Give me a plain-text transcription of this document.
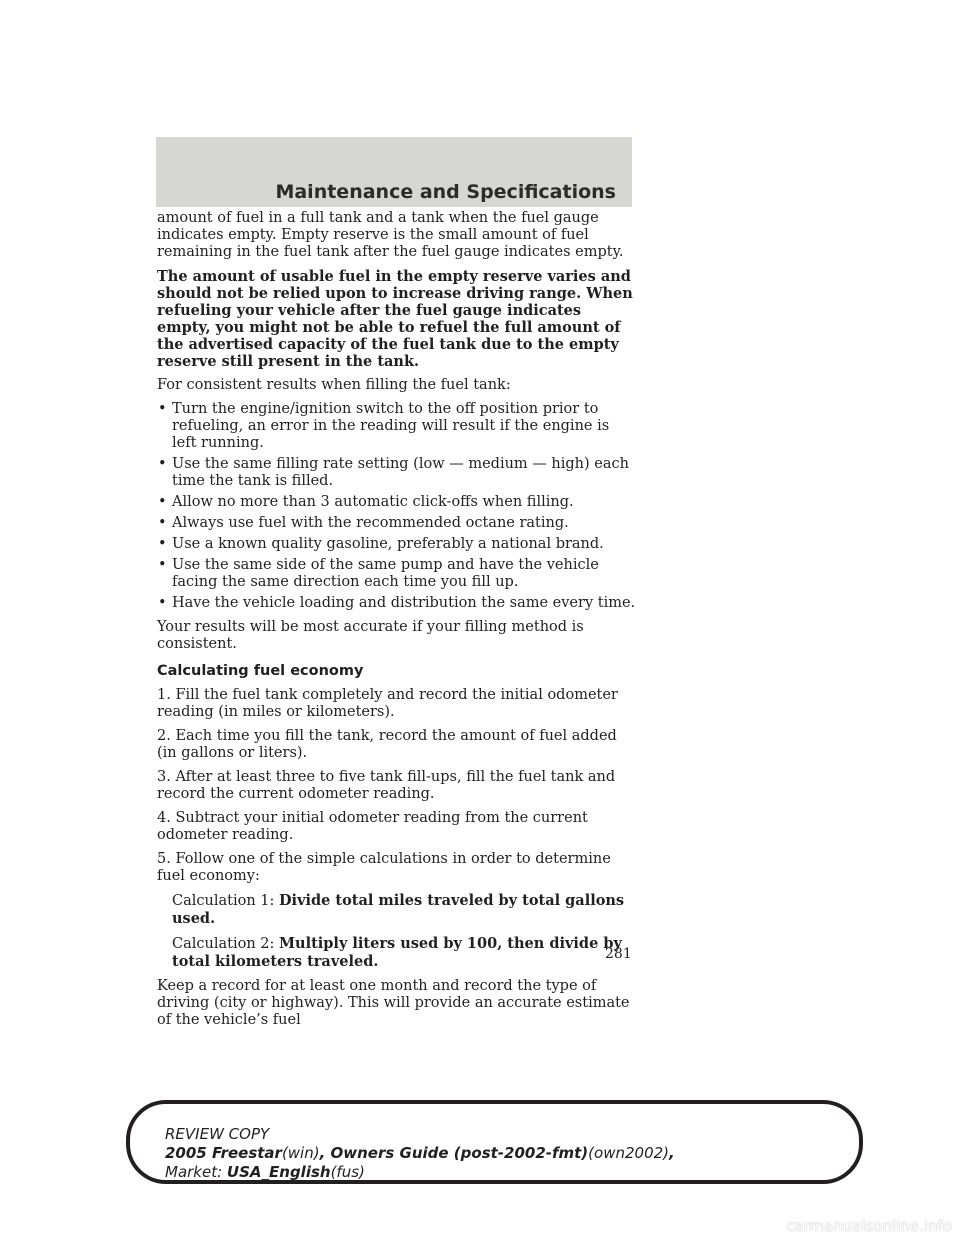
Maintenance and Specifications

amount of fuel in a full tank and a tank when the fuel gauge indicates empty. Empty reserve is the small amount of fuel remaining in the fuel tank after the fuel gauge indicates empty.

The amount of usable fuel in the empty reserve varies and should not be relied upon to increase driving range. When refueling your vehicle after the fuel gauge indicates empty, you might not be able to refuel the full amount of the advertised capacity of the fuel tank due to the empty reserve still present in the tank.

For consistent results when filling the fuel tank:

• Turn the engine/ignition switch to the off position prior to refueling, an error in the reading will result if the engine is left running.
• Use the same filling rate setting (low — medium — high) each time the tank is filled.
• Allow no more than 3 automatic click-offs when filling.
• Always use fuel with the recommended octane rating.
• Use a known quality gasoline, preferably a national brand.
• Use the same side of the same pump and have the vehicle facing the same direction each time you fill up.
• Have the vehicle loading and distribution the same every time.

Your results will be most accurate if your filling method is consistent.

Calculating fuel economy

1. Fill the fuel tank completely and record the initial odometer reading (in miles or kilometers).

2. Each time you fill the tank, record the amount of fuel added (in gallons or liters).

3. After at least three to five tank fill-ups, fill the fuel tank and record the current odometer reading.

4. Subtract your initial odometer reading from the current odometer reading.

5. Follow one of the simple calculations in order to determine fuel economy:

Calculation 1: Divide total miles traveled by total gallons used.

Calculation 2: Multiply liters used by 100, then divide by total kilometers traveled.

Keep a record for at least one month and record the type of driving (city or highway). This will provide an accurate estimate of the vehicle’s fuel

281
REVIEW COPY
2005 Freestar(win), Owners Guide (post-2002-fmt)(own2002),
Market: USA_English(fus)
carmanualsonline.info
